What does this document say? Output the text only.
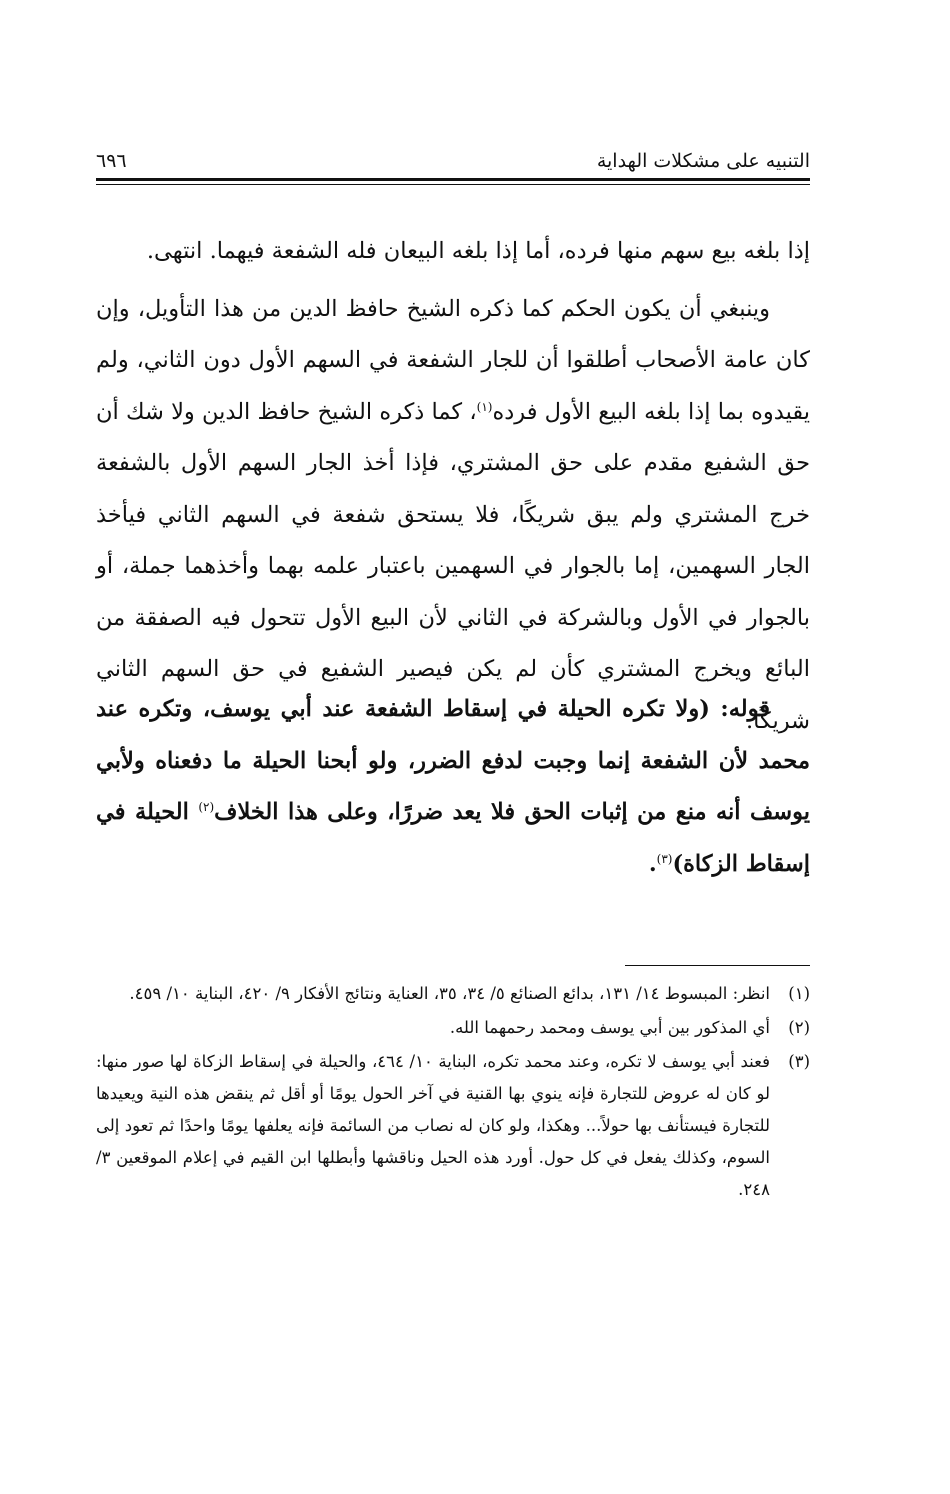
التنبيه على مشكلات الهداية
٦٩٦

إذا بلغه بيع سهم منها فرده، أما إذا بلغه البيعان فله الشفعة فيهما. انتهى.

وينبغي أن يكون الحكم كما ذكره الشيخ حافظ الدين من هذا التأويل، وإن كان عامة الأصحاب أطلقوا أن للجار الشفعة في السهم الأول دون الثاني، ولم يقيدوه بما إذا بلغه البيع الأول فرده$^{(١)}$، كما ذكره الشيخ حافظ الدين ولا شك أن حق الشفيع مقدم على حق المشتري، فإذا أخذ الجار السهم الأول بالشفعة خرج المشتري ولم يبق شريكًا، فلا يستحق شفعة في السهم الثاني فيأخذ الجار السهمين، إما بالجوار في السهمين باعتبار علمه بهما وأخذهما جملة، أو بالجوار في الأول وبالشركة في الثاني لأن البيع الأول تتحول فيه الصفقة من البائع ويخرج المشتري كأن لم يكن فيصير الشفيع في حق السهم الثاني شريكًا.

قوله: (ولا تكره الحيلة في إسقاط الشفعة عند أبي يوسف، وتكره عند محمد لأن الشفعة إنما وجبت لدفع الضرر، ولو أبحنا الحيلة ما دفعناه ولأبي يوسف أنه منع من إثبات الحق فلا يعد ضررًا، وعلى هذا الخلاف$^{(٢)}$ الحيلة في إسقاط الزكاة)$^{(٣)}$.

(١)
انظر: المبسوط ١٤/ ١٣١، بدائع الصنائع ٥/ ٣٤، ٣٥، العناية ونتائج الأفكار ٩/ ٤٢٠، البناية ١٠/ ٤٥٩.
(٢)
أي المذكور بين أبي يوسف ومحمد رحمهما الله.
(٣)
فعند أبي يوسف لا تكره، وعند محمد تكره، البناية ١٠/ ٤٦٤، والحيلة في إسقاط الزكاة لها صور منها: لو كان له عروض للتجارة فإنه ينوي بها القنية في آخر الحول يومًا أو أقل ثم ينقض هذه النية ويعيدها للتجارة فيستأنف بها حولاً... وهكذا، ولو كان له نصاب من السائمة فإنه يعلفها يومًا واحدًا ثم تعود إلى السوم، وكذلك يفعل في كل حول. أورد هذه الحيل وناقشها وأبطلها ابن القيم في إعلام الموقعين ٣/ ٢٤٨.
